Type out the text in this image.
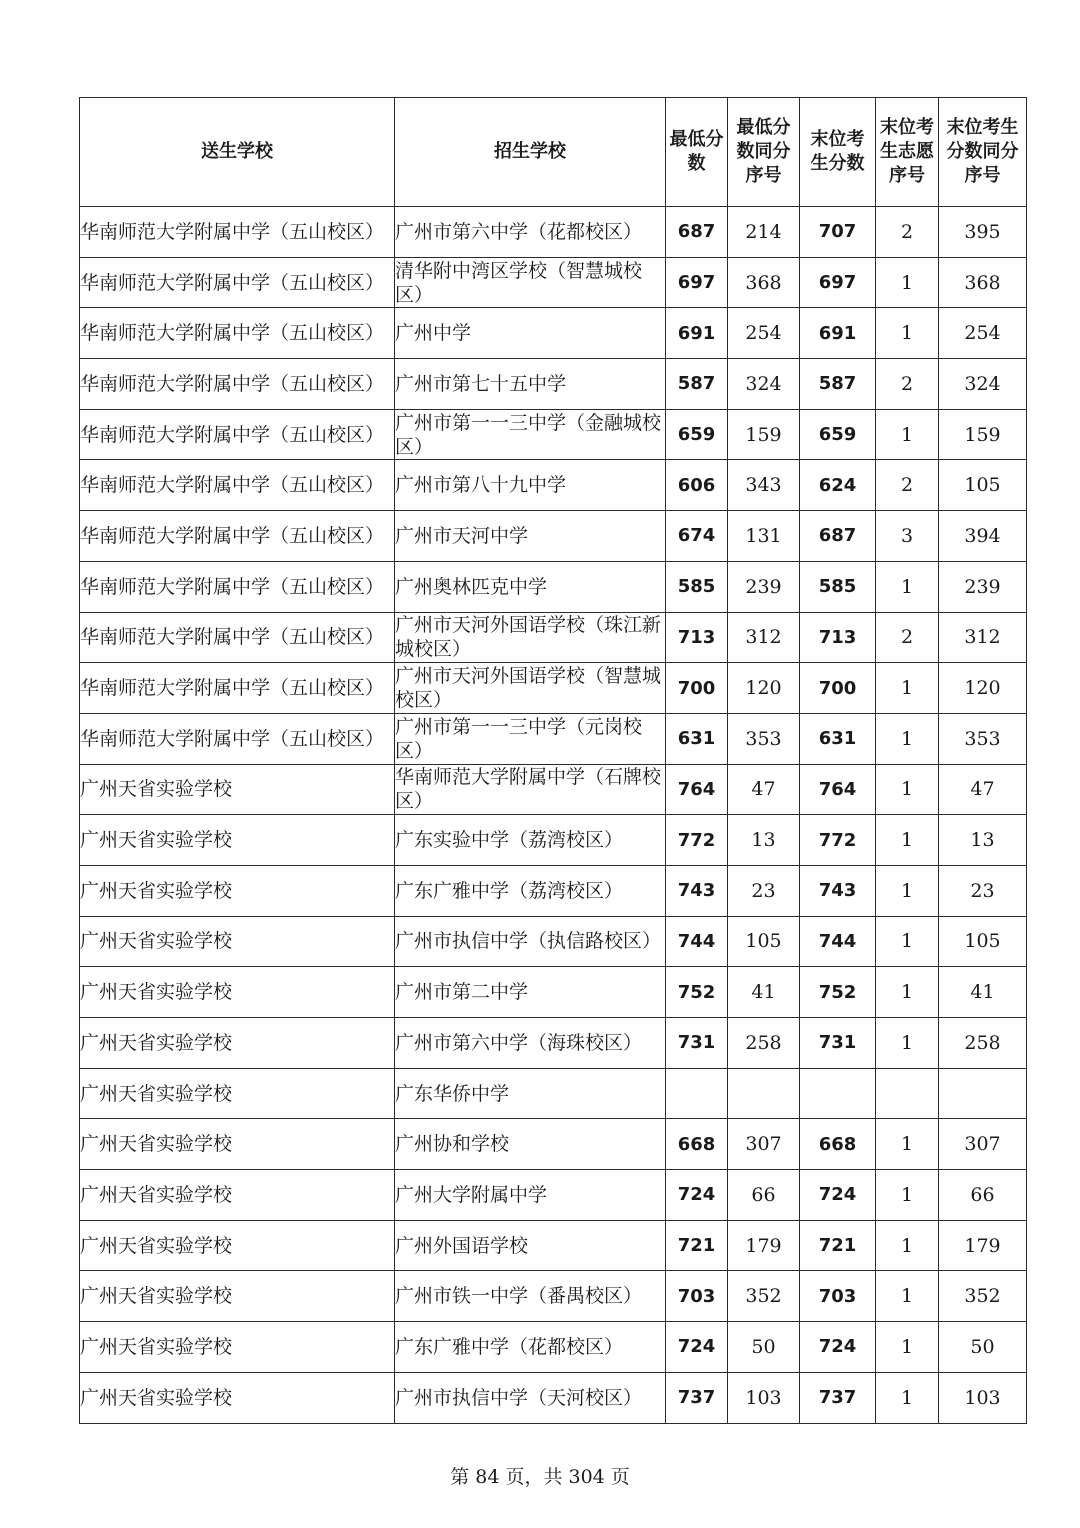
送生学校	招生学校	最低分数	最低分数同分序号	末位考生分数	末位考生志愿序号	末位考生分数同分序号
华南师范大学附属中学（五山校区）	广州市第六中学（花都校区）	687	214	707	2	395
华南师范大学附属中学（五山校区）	清华附中湾区学校（智慧城校区）	697	368	697	1	368
华南师范大学附属中学（五山校区）	广州中学	691	254	691	1	254
华南师范大学附属中学（五山校区）	广州市第七十五中学	587	324	587	2	324
华南师范大学附属中学（五山校区）	广州市第一一三中学（金融城校区）	659	159	659	1	159
华南师范大学附属中学（五山校区）	广州市第八十九中学	606	343	624	2	105
华南师范大学附属中学（五山校区）	广州市天河中学	674	131	687	3	394
华南师范大学附属中学（五山校区）	广州奥林匹克中学	585	239	585	1	239
华南师范大学附属中学（五山校区）	广州市天河外国语学校（珠江新城校区）	713	312	713	2	312
华南师范大学附属中学（五山校区）	广州市天河外国语学校（智慧城校区）	700	120	700	1	120
华南师范大学附属中学（五山校区）	广州市第一一三中学（元岗校区）	631	353	631	1	353
广州天省实验学校	华南师范大学附属中学（石牌校区）	764	47	764	1	47
广州天省实验学校	广东实验中学（荔湾校区）	772	13	772	1	13
广州天省实验学校	广东广雅中学（荔湾校区）	743	23	743	1	23
广州天省实验学校	广州市执信中学（执信路校区）	744	105	744	1	105
广州天省实验学校	广州市第二中学	752	41	752	1	41
广州天省实验学校	广州市第六中学（海珠校区）	731	258	731	1	258
广州天省实验学校	广东华侨中学					
广州天省实验学校	广州协和学校	668	307	668	1	307
广州天省实验学校	广州大学附属中学	724	66	724	1	66
广州天省实验学校	广州外国语学校	721	179	721	1	179
广州天省实验学校	广州市铁一中学（番禺校区）	703	352	703	1	352
广州天省实验学校	广东广雅中学（花都校区）	724	50	724	1	50
广州天省实验学校	广州市执信中学（天河校区）	737	103	737	1	103
第 84 页，共 304 页
